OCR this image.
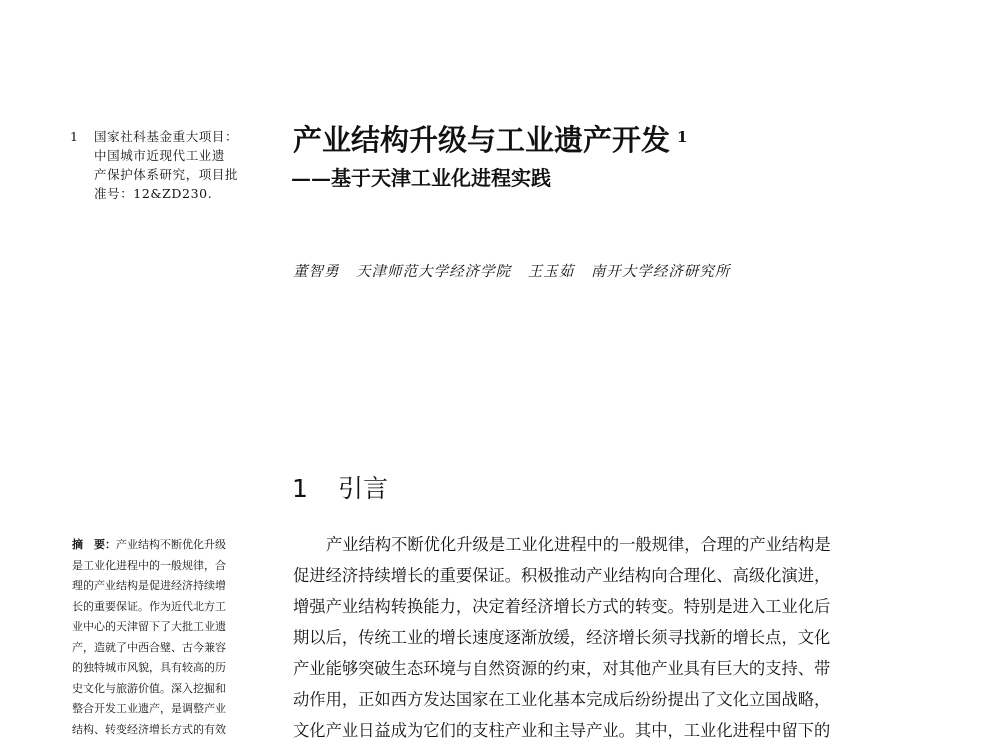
1 国家社科基金重大项目：
中国城市近现代工业遗
产保护体系研究，项目批
准号：12&ZD230.
产业结构升级与工业遗产开发 $^1$
——基于天津工业化进程实践
董智勇 天津师范大学经济学院 王玉茹 南开大学经济研究所
1 引言
摘　要：产业结构不断优化升级
是工业化进程中的一般规律，合
理的产业结构是促进经济持续增
长的重要保证。作为近代北方工
业中心的天津留下了大批工业遗
产，造就了中西合璧、古今兼容
的独特城市风貌，具有较高的历
史文化与旅游价值。深入挖掘和
整合开发工业遗产，是调整产业
结构、转变经济增长方式的有效
产业结构不断优化升级是工业化进程中的一般规律，合理的产业结构是
促进经济持续增长的重要保证。积极推动产业结构向合理化、高级化演进，
增强产业结构转换能力，决定着经济增长方式的转变。特别是进入工业化后
期以后，传统工业的增长速度逐渐放缓，经济增长须寻找新的增长点，文化
产业能够突破生态环境与自然资源的约束，对其他产业具有巨大的支持、带
动作用，正如西方发达国家在工业化基本完成后纷纷提出了文化立国战略，
文化产业日益成为它们的支柱产业和主导产业。其中，工业化进程中留下的
